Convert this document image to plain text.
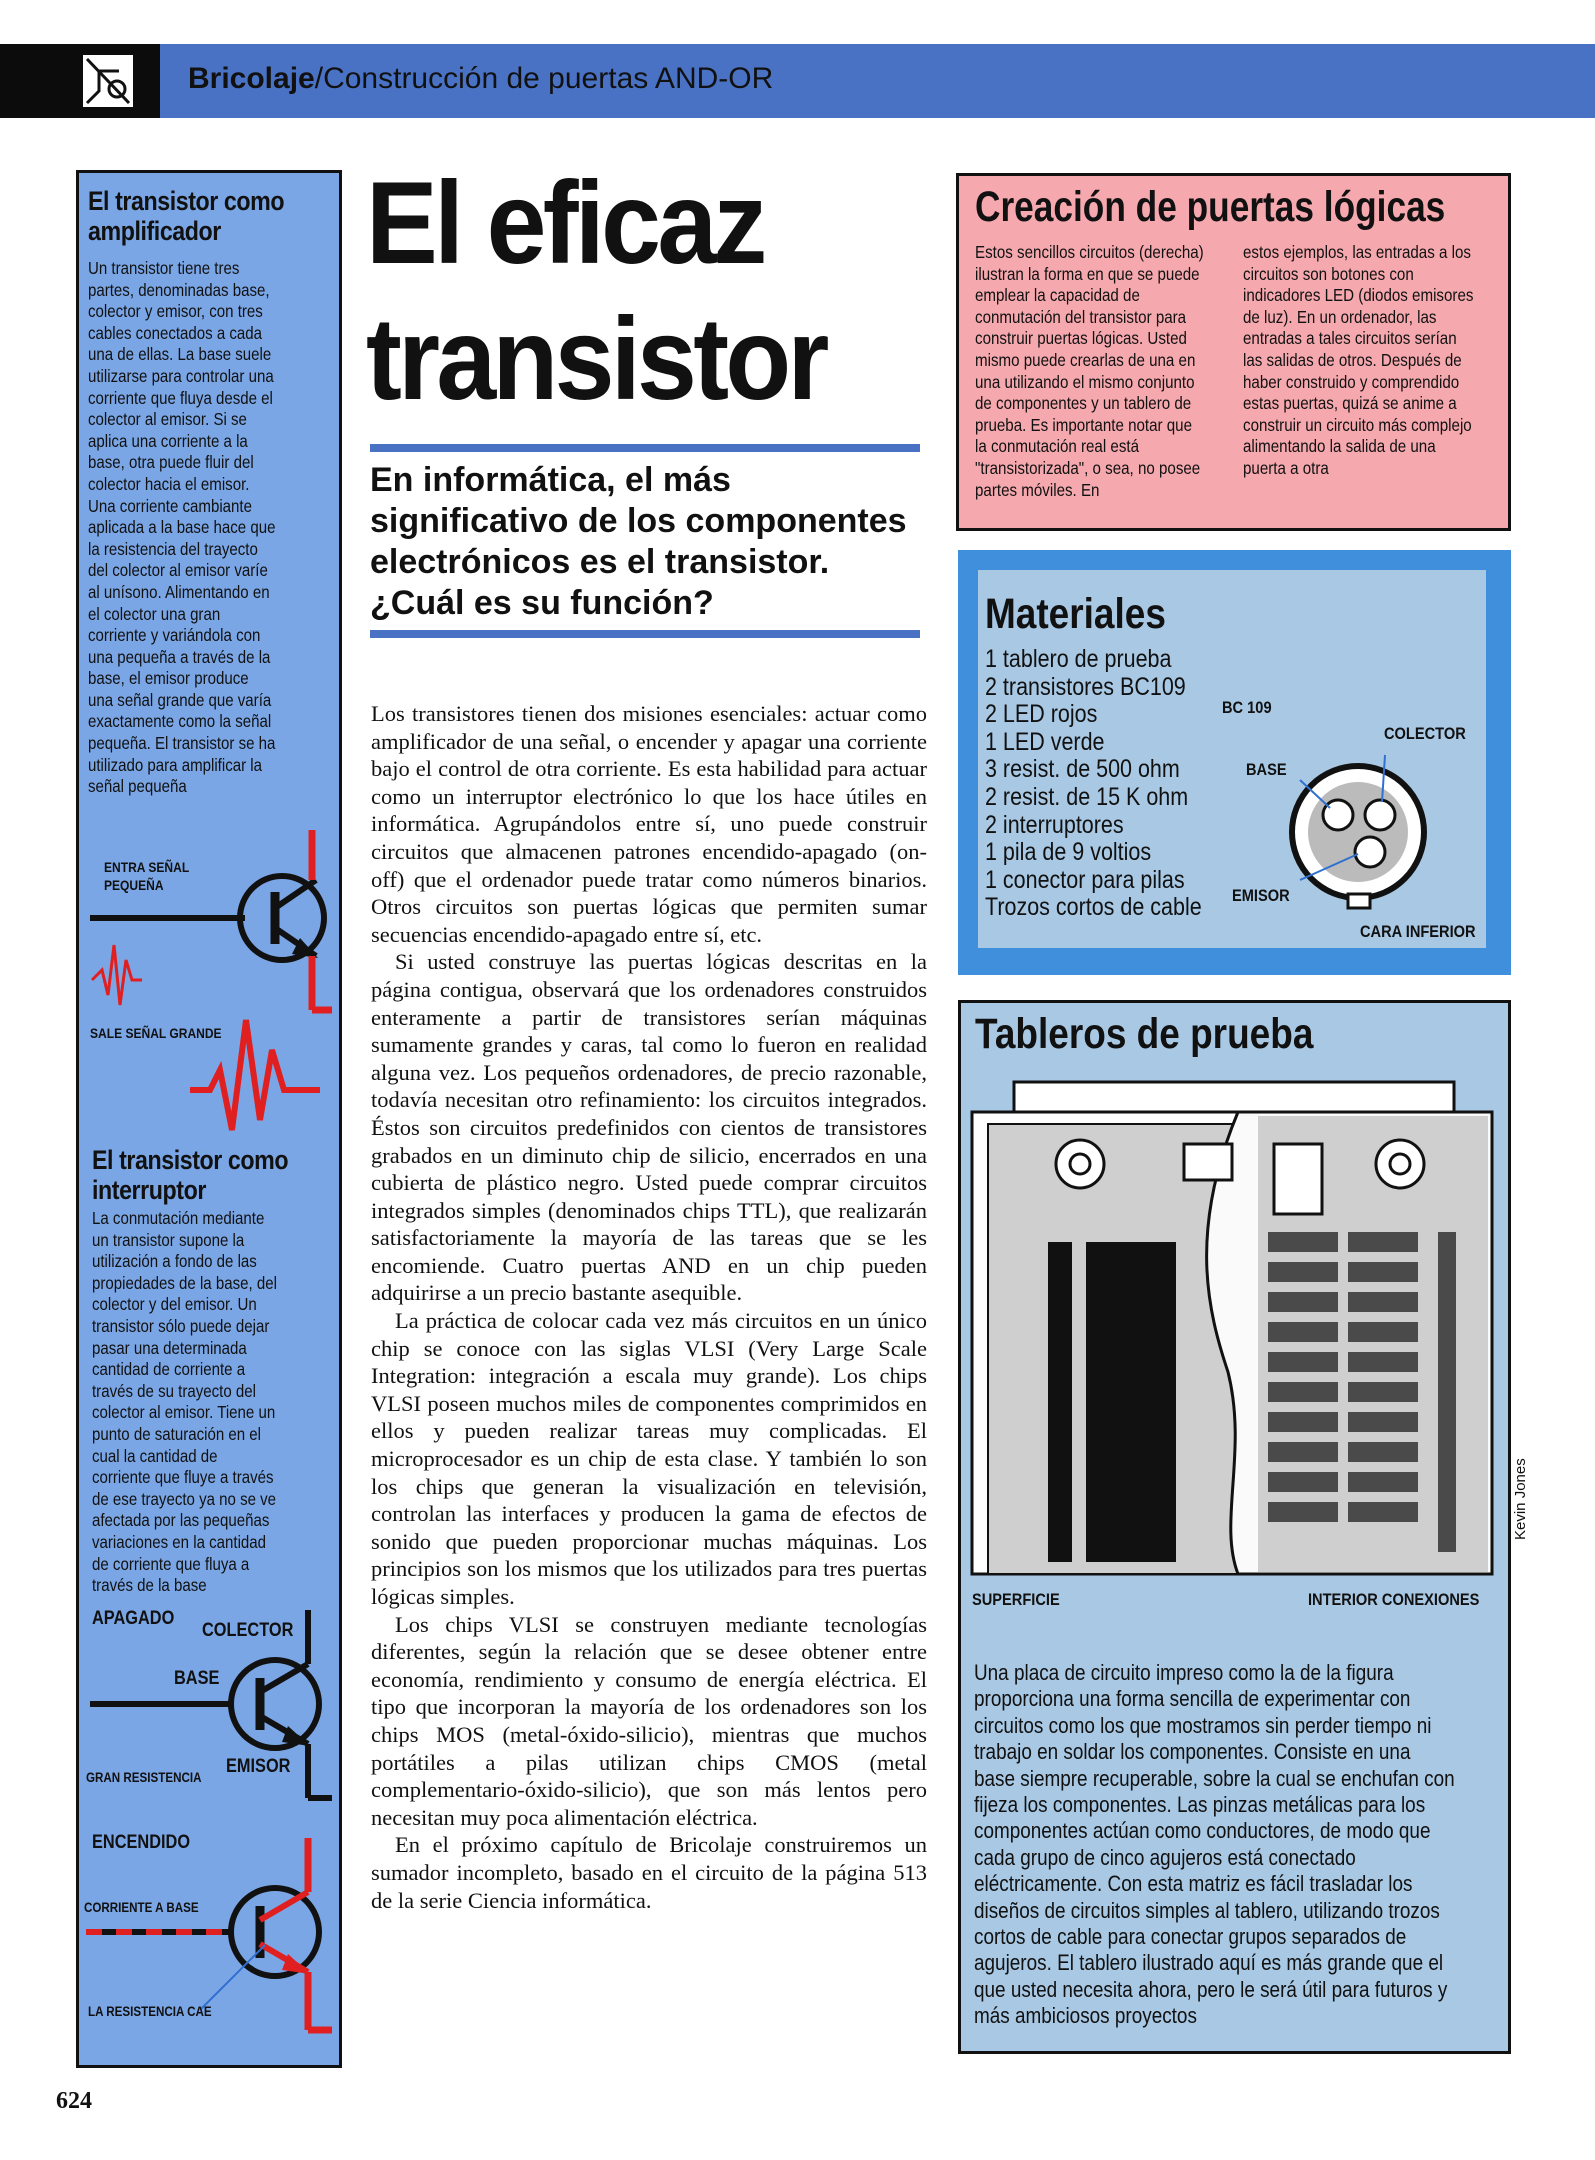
Bricolaje/Construcción de puertas AND-OR
El transistor como amplificador
Un transistor tiene tres partes, denominadas base, colector y emisor, con tres cables conectados a cada una de ellas. La base suele utilizarse para controlar una corriente que fluya desde el colector al emisor. Si se aplica una corriente a la base, otra puede fluir del colector hacia el emisor. Una corriente cambiante aplicada a la base hace que la resistencia del trayecto del colector al emisor varíe al unísono. Alimentando en el colector una gran corriente y variándola con una pequeña a través de la base, el emisor produce una señal grande que varía exactamente como la señal pequeña. El transistor se ha utilizado para amplificar la señal pequeña
ENTRA SEÑAL
PEQUEÑA
SALE SEÑAL GRANDE
El transistor como interruptor
La conmutación mediante un transistor supone la utilización a fondo de las propiedades de la base, del colector y del emisor. Un transistor sólo puede dejar pasar una determinada cantidad de corriente a través de su trayecto del colector al emisor. Tiene un punto de saturación en el cual la cantidad de corriente que fluye a través de ese trayecto ya no se ve afectada por las pequeñas variaciones en la cantidad de corriente que fluya a través de la base
APAGADO
COLECTOR
BASE
GRAN RESISTENCIA
EMISOR
ENCENDIDO
CORRIENTE A BASE
LA RESISTENCIA CAE
El eficaz
transistor
En informática, el más significativo de los componentes electrónicos es el transistor. ¿Cuál es su función?

Los transistores tienen dos misiones esenciales: actuar como amplificador de una señal, o encender y apagar una corriente bajo el control de otra corriente. Es esta habilidad para actuar como un interruptor electrónico lo que los hace útiles en informática. Agrupándolos entre sí, uno puede construir circuitos que almacenen patrones encendido-apagado (on-off) que el ordenador puede tratar como números binarios. Otros circuitos son puertas lógicas que permiten sumar secuencias encendido-apagado entre sí, etc.

Si usted construye las puertas lógicas descritas en la página contigua, observará que los ordenadores construidos enteramente a partir de transistores serían máquinas sumamente grandes y caras, tal como lo fueron en realidad alguna vez. Los pequeños ordenadores, de precio razonable, todavía necesitan otro refinamiento: los circuitos integrados. Éstos son circuitos predefinidos con cientos de transistores grabados en un diminuto chip de silicio, encerrados en una cubierta de plástico negro. Usted puede comprar circuitos integrados simples (denominados chips TTL), que realizarán satisfactoriamente la mayoría de las tareas que se les encomiende. Cuatro puertas AND en un chip pueden adquirirse a un precio bastante asequible.

La práctica de colocar cada vez más circuitos en un único chip se conoce con las siglas VLSI (Very Large Scale Integration: integración a escala muy grande). Los chips VLSI poseen muchos miles de componentes comprimidos en ellos y pueden realizar tareas muy complicadas. El microprocesador es un chip de esta clase. Y también lo son los chips que generan la visualización en televisión, controlan las interfaces y producen la gama de efectos de sonido que pueden proporcionar muchas máquinas. Los principios son los mismos que los utilizados para tres puertas lógicas simples.

Los chips VLSI se construyen mediante tecnologías diferentes, según la relación que se desee obtener entre economía, rendimiento y consumo de energía eléctrica. El tipo que incorporan la mayoría de los ordenadores son los chips MOS (metal-óxido-silicio), mientras que muchos portátiles a pilas utilizan chips CMOS (metal complementario-óxido-silicio), que son más lentos pero necesitan muy poca alimentación eléctrica.

En el próximo capítulo de Bricolaje construiremos un sumador incompleto, basado en el circuito de la página 513 de la serie Ciencia informática.

Creación de puertas lógicas
Estos sencillos circuitos (derecha) ilustran la forma en que se puede emplear la capacidad de conmutación del transistor para construir puertas lógicas. Usted mismo puede crearlas de una en una utilizando el mismo conjunto de componentes y un tablero de prueba. Es importante notar que la conmutación real está "transistorizada", o sea, no posee partes móviles. En
estos ejemplos, las entradas a los circuitos son botones con indicadores LED (diodos emisores de luz). En un ordenador, las entradas a tales circuitos serían las salidas de otros. Después de haber construido y comprendido estas puertas, quizá se anime a construir un circuito más complejo alimentando la salida de una puerta a otra
Materiales
1 tablero de prueba
2 transistores BC109
2 LED rojos
1 LED verde
3 resist. de 500 ohm
2 resist. de 15 K ohm
2 interruptores
1 pila de 9 voltios
1 conector para pilas
Trozos cortos de cable
BC 109
COLECTOR
BASE
EMISOR
CARA INFERIOR
Tableros de prueba
SUPERFICIE	INTERIOR CONEXIONES
Una placa de circuito impreso como la de la figura proporciona una forma sencilla de experimentar con circuitos como los que mostramos sin perder tiempo ni trabajo en soldar los componentes. Consiste en una base siempre recuperable, sobre la cual se enchufan con fijeza los componentes. Las pinzas metálicas para los componentes actúan como conductores, de modo que cada grupo de cinco agujeros está conectado eléctricamente. Con esta matriz es fácil trasladar los diseños de circuitos simples al tablero, utilizando trozos cortos de cable para conectar grupos separados de agujeros. El tablero ilustrado aquí es más grande que el que usted necesita ahora, pero le será útil para futuros y más ambiciosos proyectos
Kevin Jones
624
